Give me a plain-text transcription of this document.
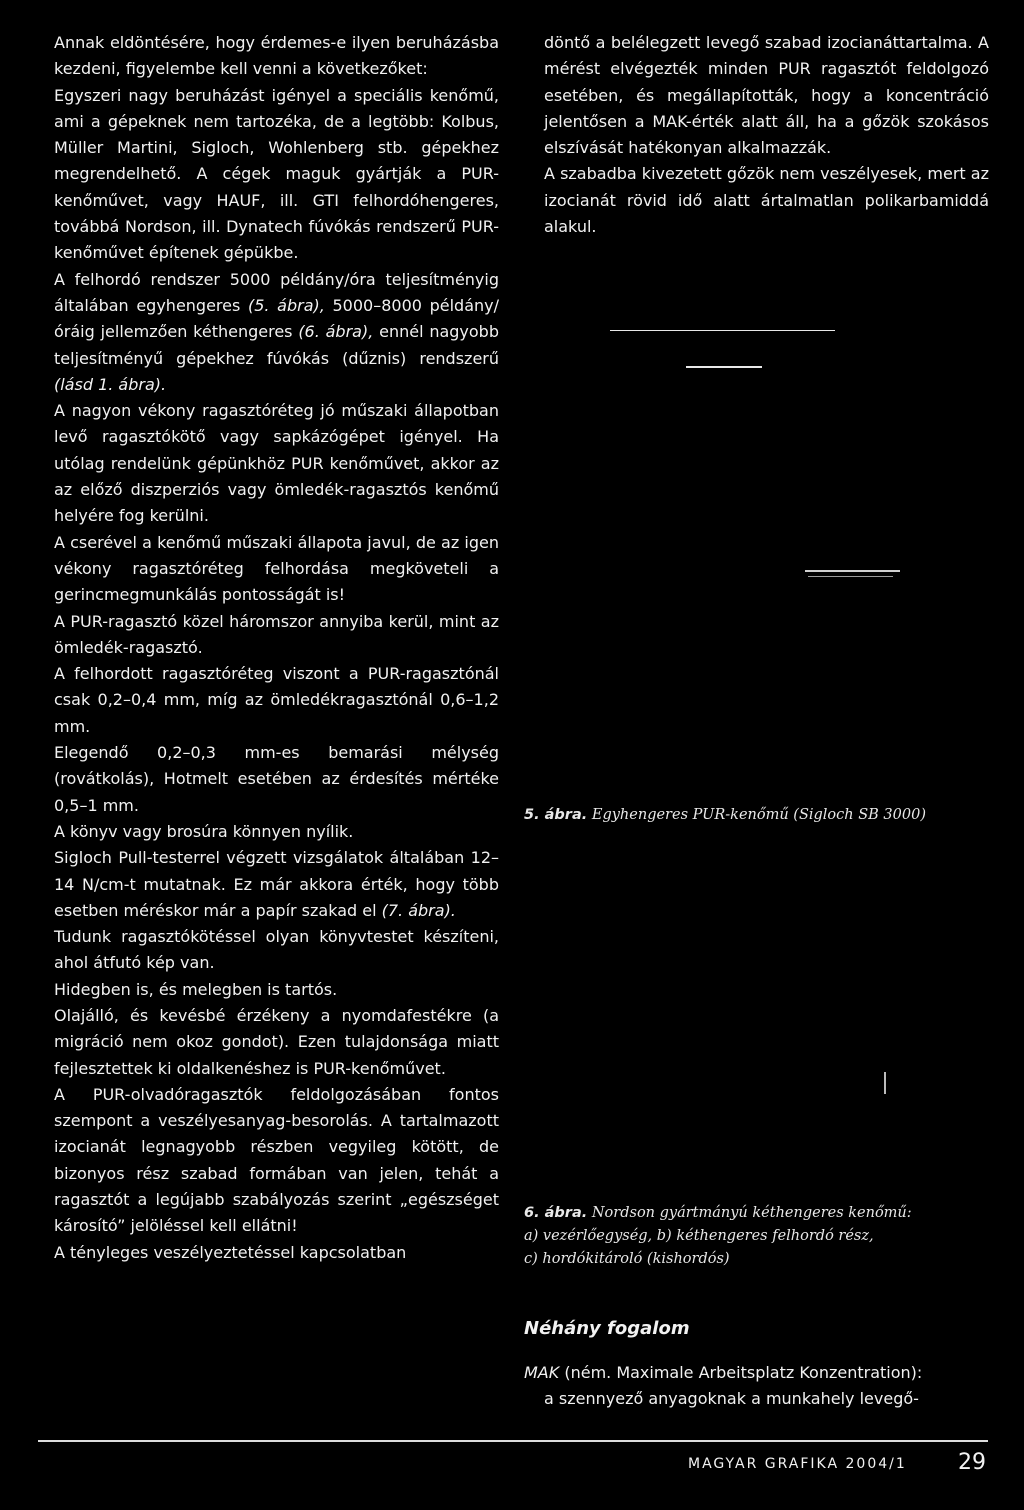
Annak eldöntésére, hogy érdemes-e ilyen beruházásba kezdeni, figyelembe kell venni a következőket:

Egyszeri nagy beruházást igényel a speciális kenőmű, ami a gépeknek nem tartozéka, de a legtöbb: Kolbus, Müller Martini, Sigloch, Wohlenberg stb. gépekhez megrendelhető. A cégek maguk gyártják a PUR-kenőművet, vagy HAUF, ill. GTI felhordóhengeres, továbbá Nordson, ill. Dynatech fúvókás rendszerű PUR-kenőművet építenek gépükbe.

A felhordó rendszer 5000 példány/óra teljesítményig általában egyhengeres (5. ábra), 5000–8000 példány/óráig jellemzően kéthengeres (6. ábra), ennél nagyobb teljesítményű gépekhez fúvókás (dűznis) rendszerű (lásd 1. ábra).

A nagyon vékony ragasztóréteg jó műszaki állapotban levő ragasztókötő vagy sapkázógépet igényel. Ha utólag rendelünk gépünkhöz PUR kenőművet, akkor az az előző diszperziós vagy ömledék-ragasztós kenőmű helyére fog kerülni.

A cserével a kenőmű műszaki állapota javul, de az igen vékony ragasztóréteg felhordása megköveteli a gerincmegmunkálás pontosságát is!

A PUR-ragasztó közel háromszor annyiba kerül, mint az ömledék-ragasztó.

A felhordott ragasztóréteg viszont a PUR-ragasztónál csak 0,2–0,4 mm, míg az ömledékragasztónál 0,6–1,2 mm.

Elegendő 0,2–0,3 mm-es bemarási mélység (rovátkolás), Hotmelt esetében az érdesítés mértéke 0,5–1 mm.

A könyv vagy brosúra könnyen nyílik.

Sigloch Pull-testerrel végzett vizsgálatok általában 12–14 N/cm-t mutatnak. Ez már akkora érték, hogy több esetben méréskor már a papír szakad el (7. ábra).

Tudunk ragasztókötéssel olyan könyvtestet készíteni, ahol átfutó kép van.

Hidegben is, és melegben is tartós.

Olajálló, és kevésbé érzékeny a nyomdafestékre (a migráció nem okoz gondot). Ezen tulajdonsága miatt fejlesztettek ki oldalkenéshez is PUR-kenőművet.

A PUR-olvadóragasztók feldolgozásában fontos szempont a veszélyesanyag-besorolás. A tartalmazott izocianát legnagyobb részben vegyileg kötött, de bizonyos rész szabad formában van jelen, tehát a ragasztót a legújabb szabályozás szerint „egészséget károsító” jelöléssel kell ellátni!

A tényleges veszélyeztetéssel kapcsolatban

döntő a belélegzett levegő szabad izocianáttartalma. A mérést elvégezték minden PUR ragasztót feldolgozó esetében, és megállapították, hogy a koncentráció jelentősen a MAK-érték alatt áll, ha a gőzök szokásos elszívását hatékonyan alkalmazzák.

A szabadba kivezetett gőzök nem veszélyesek, mert az izocianát rövid idő alatt ártalmatlan polikarbamiddá alakul.

5. ábra. Egyhengeres PUR-kenőmű (Sigloch SB 3000)
6. ábra. Nordson gyártmányú kéthengeres kenőmű:
a) vezérlőegység, b) kéthengeres felhordó rész,
c) hordókitároló (kishordós)
Néhány fogalom

MAK (ném. Maximale Arbeitsplatz Konzentration):

a szennyező anyagoknak a munkahely levegő-

MAGYAR GRAFIKA 2004/1 29
